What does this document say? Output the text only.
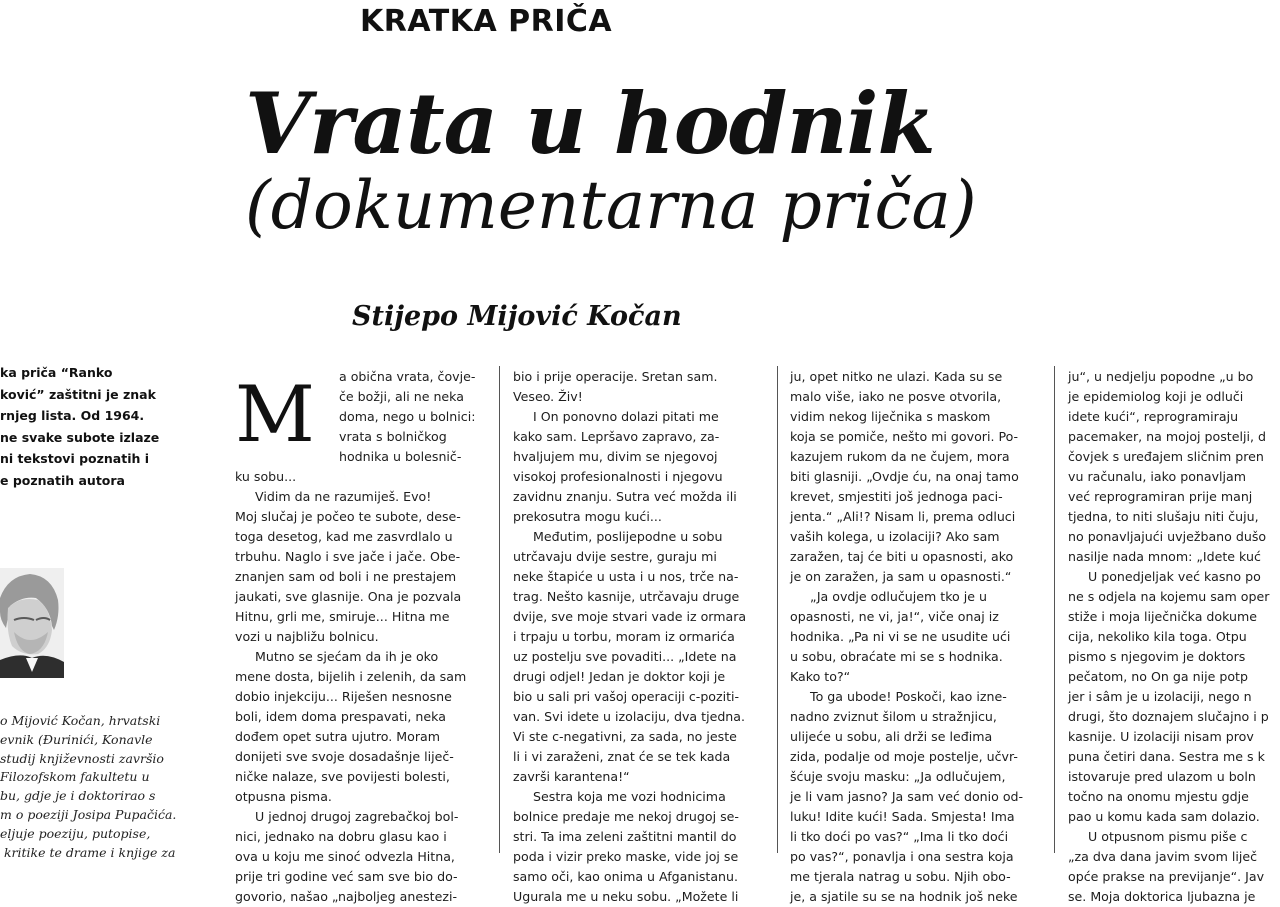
KRATKA PRIČA
Vrata u hodnik
(dokumentarna priča)
Stijepo Mijović Kočan
ka priča “Ranko
ković” zaštitni je znak
rnjeg lista. Od 1964.
ne svake subote izlaze
ni tekstovi poznatih i
e poznatih autora
o Mijović Kočan, hrvatski
evnik (Đurinići, Konavle
studij književnosti završio
Filozofskom fakultetu u
bu, gdje je i doktorirao s
m o poeziji Josipa Pupačića.
eljuje poeziju, putopise,
kritike te drame i knjige za
M a obična vrata, čovje-
če božji, ali ne neka
doma, nego u bolnici:
vrata s bolničkog
hodnika u bolesnič-
ku sobu...
Vidim da ne razumiješ. Evo!
Moj slučaj je počeo te subote, dese-
toga desetog, kad me zasvrdlalo u
trbuhu. Naglo i sve jače i jače. Obe-
znanjen sam od boli i ne prestajem
jaukati, sve glasnije. Ona je pozvala
Hitnu, grli me, smiruje... Hitna me
vozi u najbližu bolnicu.
Mutno se sjećam da ih je oko
mene dosta, bijelih i zelenih, da sam
dobio injekciju... Riješen nesnosne
boli, idem doma prespavati, neka
dođem opet sutra ujutro. Moram
donijeti sve svoje dosadašnje liječ-
ničke nalaze, sve povijesti bolesti,
otpusna pisma.
U jednoj drugoj zagrebačkoj bol-
nici, jednako na dobru glasu kao i
ova u koju me sinoć odvezla Hitna,
prije tri godine već sam sve bio do-
govorio, našao „najboljeg anestezi-
bio i prije operacije. Sretan sam.
Veseo. Živ!
I On ponovno dolazi pitati me
kako sam. Lepršavo zapravo, za-
hvaljujem mu, divim se njegovoj
visokoj profesionalnosti i njegovu
zavidnu znanju. Sutra već možda ili
prekosutra mogu kući...
Međutim, poslijepodne u sobu
utrčavaju dvije sestre, guraju mi
neke štapiće u usta i u nos, trče na-
trag. Nešto kasnije, utrčavaju druge
dvije, sve moje stvari vade iz ormara
i trpaju u torbu, moram iz ormarića
uz postelju sve povaditi... „Idete na
drugi odjel! Jedan je doktor koji je
bio u sali pri vašoj operaciji c-poziti-
van. Svi idete u izolaciju, dva tjedna.
Vi ste c-negativni, za sada, no jeste
li i vi zaraženi, znat će se tek kada
završi karantena!“
Sestra koja me vozi hodnicima
bolnice predaje me nekoj drugoj se-
stri. Ta ima zeleni zaštitni mantil do
poda i vizir preko maske, vide joj se
samo oči, kao onima u Afganistanu.
Ugurala me u neku sobu. „Možete li
ju, opet nitko ne ulazi. Kada su se
malo više, iako ne posve otvorila,
vidim nekog liječnika s maskom
koja se pomiče, nešto mi govori. Po-
kazujem rukom da ne čujem, mora
biti glasniji. „Ovdje ću, na onaj tamo
krevet, smjestiti još jednoga paci-
jenta.“ „Ali!? Nisam li, prema odluci
vaših kolega, u izolaciji? Ako sam
zaražen, taj će biti u opasnosti, ako
je on zaražen, ja sam u opasnosti.“
„Ja ovdje odlučujem tko je u
opasnosti, ne vi, ja!“, viče onaj iz
hodnika. „Pa ni vi se ne usudite ući
u sobu, obraćate mi se s hodnika.
Kako to?“
To ga ubode! Poskoči, kao izne-
nadno zviznut šilom u stražnjicu,
ulijeće u sobu, ali drži se leđima
zida, podalje od moje postelje, učvr-
šćuje svoju masku: „Ja odlučujem,
je li vam jasno? Ja sam već donio od-
luku! Idite kući! Sada. Smjesta! Ima
li tko doći po vas?“ „Ima li tko doći
po vas?“, ponavlja i ona sestra koja
me tjerala natrag u sobu. Njih obo-
je, a sjatile su se na hodnik još neke
ju“, u nedjelju popodne „u bo
je epidemiolog koji je odluči
idete kući“, reprogramiraju
pacemaker, na mojoj postelji, d
čovjek s uređajem sličnim pren
vu računalu, iako ponavljam
već reprogramiran prije manj
tjedna, to niti slušaju niti čuju,
no ponavljajući uvježbano dušo
nasilje nada mnom: „Idete kuć
U ponedjeljak već kasno po
ne s odjela na kojemu sam oper
stiže i moja liječnička dokume
cija, nekoliko kila toga. Otpu
pismo s njegovim je doktors
pečatom, no On ga nije potp
jer i sâm je u izolaciji, nego n
drugi, što doznajem slučajno i p
kasnije. U izolaciji nisam prov
puna četiri dana. Sestra me s k
istovaruje pred ulazom u boln
točno na onomu mjestu gdje
pao u komu kada sam dolazio.
U otpusnom pismu piše c
„za dva dana javim svom liječ
opće prakse na previjanje“. Jav
se. Moja doktorica ljubazna je
